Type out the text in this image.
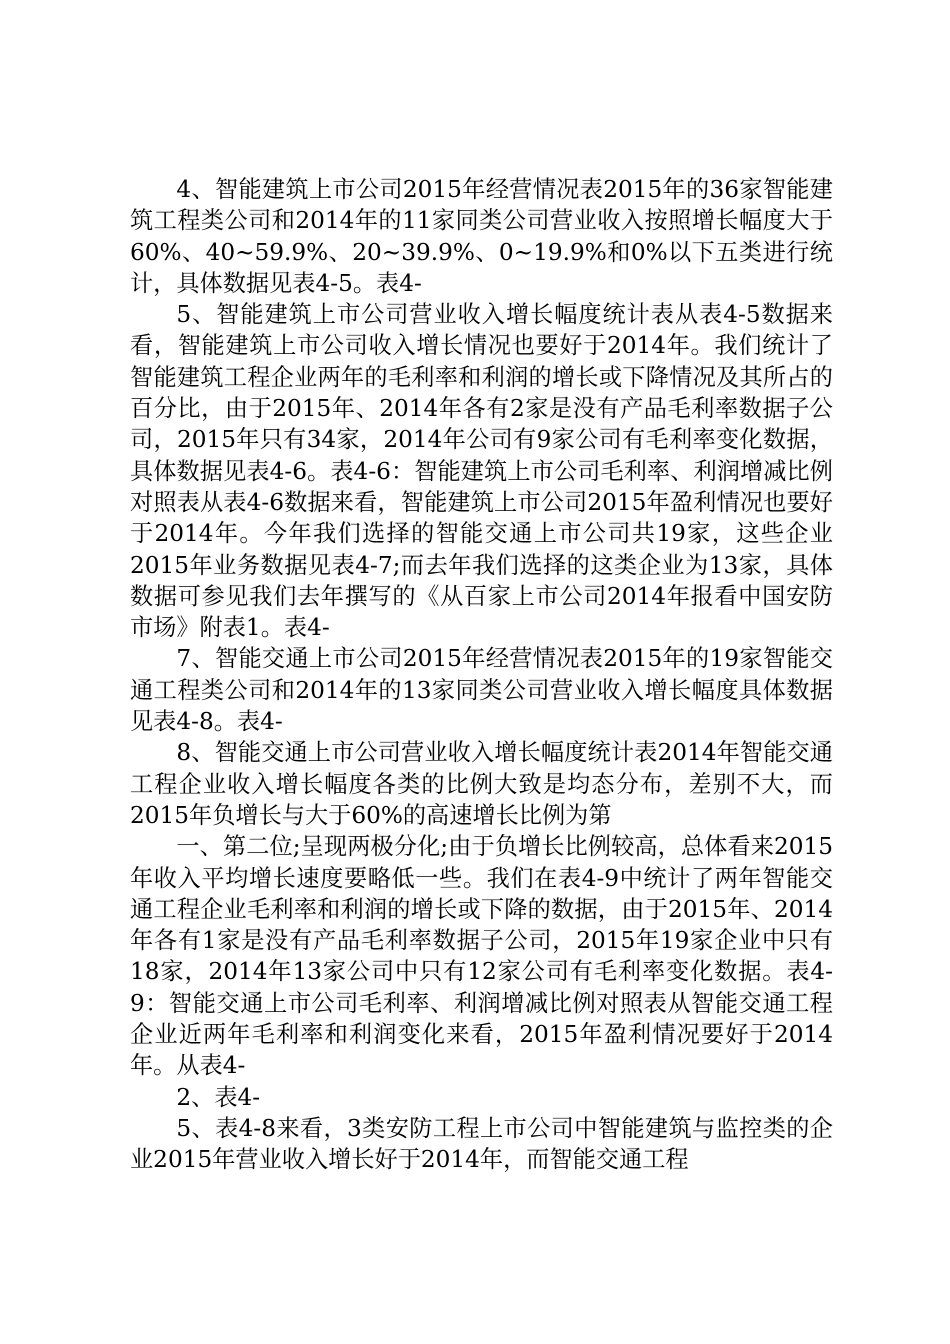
4、智能建筑上市公司2015年经营情况表2015年的36家智能建筑工程类公司和2014年的11家同类公司营业收入按照增长幅度大于60%、40~59.9%、20~39.9%、0~19.9%和0%以下五类进行统计，具体数据见表4-5。表4-

5、智能建筑上市公司营业收入增长幅度统计表从表4-5数据来看，智能建筑上市公司收入增长情况也要好于2014年。我们统计了智能建筑工程企业两年的毛利率和利润的增长或下降情况及其所占的百分比，由于2015年、2014年各有2家是没有产品毛利率数据子公司，2015年只有34家，2014年公司有9家公司有毛利率变化数据，具体数据见表4-6。表4-6：智能建筑上市公司毛利率、利润增减比例对照表从表4-6数据来看，智能建筑上市公司2015年盈利情况也要好于2014年。今年我们选择的智能交通上市公司共19家，这些企业2015年业务数据见表4-7;而去年我们选择的这类企业为13家，具体数据可参见我们去年撰写的《从百家上市公司2014年报看中国安防市场》附表1。表4-

7、智能交通上市公司2015年经营情况表2015年的19家智能交通工程类公司和2014年的13家同类公司营业收入增长幅度具体数据见表4-8。表4-

8、智能交通上市公司营业收入增长幅度统计表2014年智能交通工程企业收入增长幅度各类的比例大致是均态分布，差别不大，而2015年负增长与大于60%的高速增长比例为第

一、第二位;呈现两极分化;由于负增长比例较高，总体看来2015年收入平均增长速度要略低一些。我们在表4-9中统计了两年智能交通工程企业毛利率和利润的增长或下降的数据，由于2015年、2014年各有1家是没有产品毛利率数据子公司，2015年19家企业中只有18家，2014年13家公司中只有12家公司有毛利率变化数据。表4-9：智能交通上市公司毛利率、利润增减比例对照表从智能交通工程企业近两年毛利率和利润变化来看，2015年盈利情况要好于2014年。从表4-

2、表4-

5、表4-8来看，3类安防工程上市公司中智能建筑与监控类的企业2015年营业收入增长好于2014年，而智能交通工程
